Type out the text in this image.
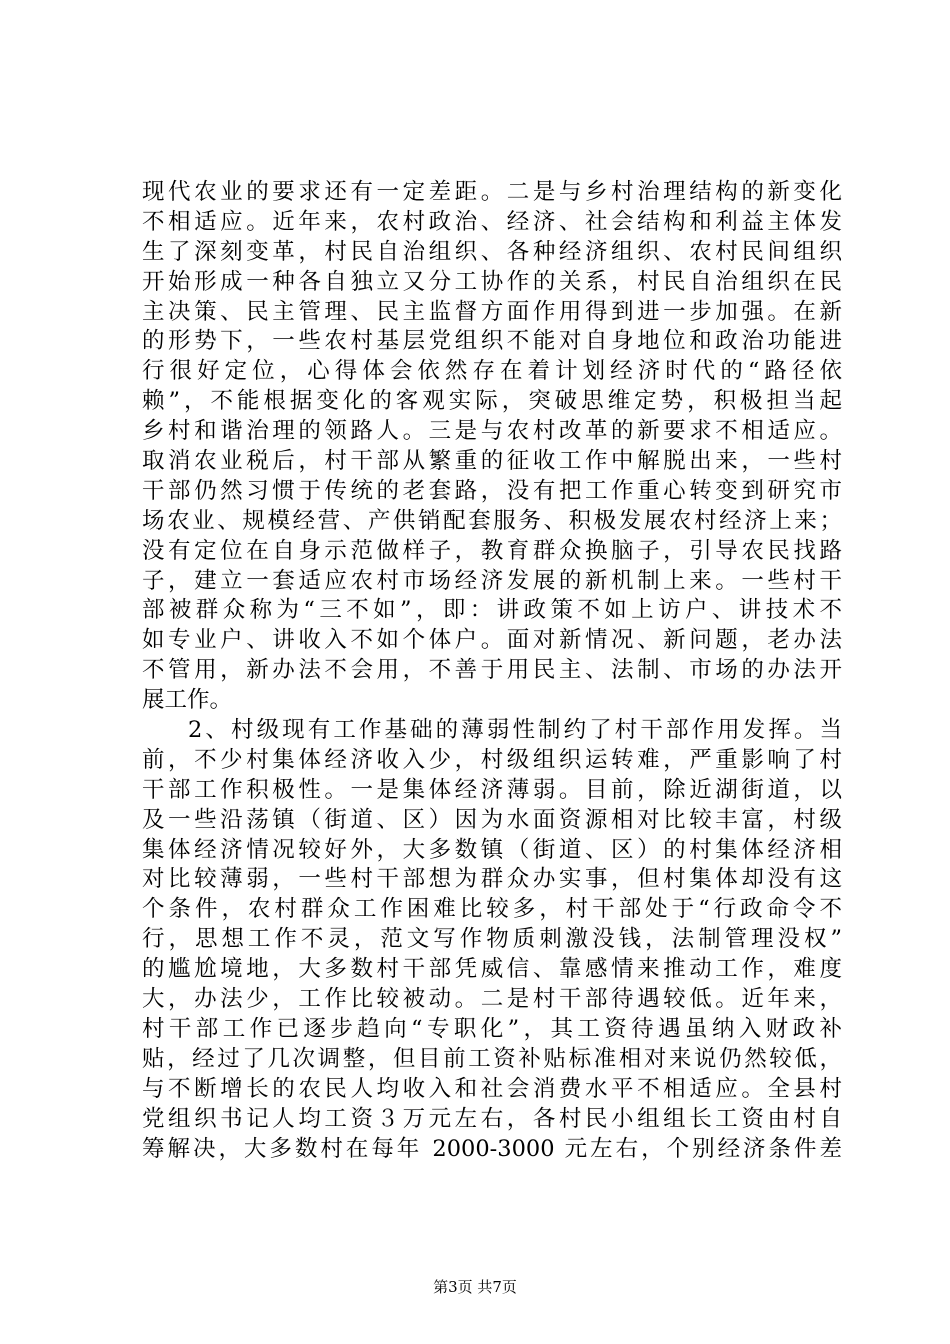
现代农业的要求还有一定差距。二是与乡村治理结构的新变化
不相适应。近年来，农村政治、经济、社会结构和利益主体发
生了深刻变革，村民自治组织、各种经济组织、农村民间组织
开始形成一种各自独立又分工协作的关系，村民自治组织在民
主决策、民主管理、民主监督方面作用得到进一步加强。在新
的形势下，一些农村基层党组织不能对自身地位和政治功能进
行很好定位，心得体会依然存在着计划经济时代的“路径依
赖”，不能根据变化的客观实际，突破思维定势，积极担当起
乡村和谐治理的领路人。三是与农村改革的新要求不相适应。
取消农业税后，村干部从繁重的征收工作中解脱出来，一些村
干部仍然习惯于传统的老套路，没有把工作重心转变到研究市
场农业、规模经营、产供销配套服务、积极发展农村经济上来；
没有定位在自身示范做样子，教育群众换脑子，引导农民找路
子，建立一套适应农村市场经济发展的新机制上来。一些村干
部被群众称为“三不如”，即：讲政策不如上访户、讲技术不
如专业户、讲收入不如个体户。面对新情况、新问题，老办法
不管用，新办法不会用，不善于用民主、法制、市场的办法开
展工作。
2、村级现有工作基础的薄弱性制约了村干部作用发挥。当
前，不少村集体经济收入少，村级组织运转难，严重影响了村
干部工作积极性。一是集体经济薄弱。目前，除近湖街道，以
及一些沿荡镇（街道、区）因为水面资源相对比较丰富，村级
集体经济情况较好外，大多数镇（街道、区）的村集体经济相
对比较薄弱，一些村干部想为群众办实事，但村集体却没有这
个条件，农村群众工作困难比较多，村干部处于“行政命令不
行，思想工作不灵，范文写作物质刺激没钱，法制管理没权”
的尴尬境地，大多数村干部凭威信、靠感情来推动工作，难度
大，办法少，工作比较被动。二是村干部待遇较低。近年来，
村干部工作已逐步趋向“专职化”，其工资待遇虽纳入财政补
贴，经过了几次调整，但目前工资补贴标准相对来说仍然较低，
与不断增长的农民人均收入和社会消费水平不相适应。全县村
党组织书记人均工资３万元左右，各村民小组组长工资由村自
筹解决，大多数村在每年 2000-3000 元左右，个别经济条件差
第3页 共7页
